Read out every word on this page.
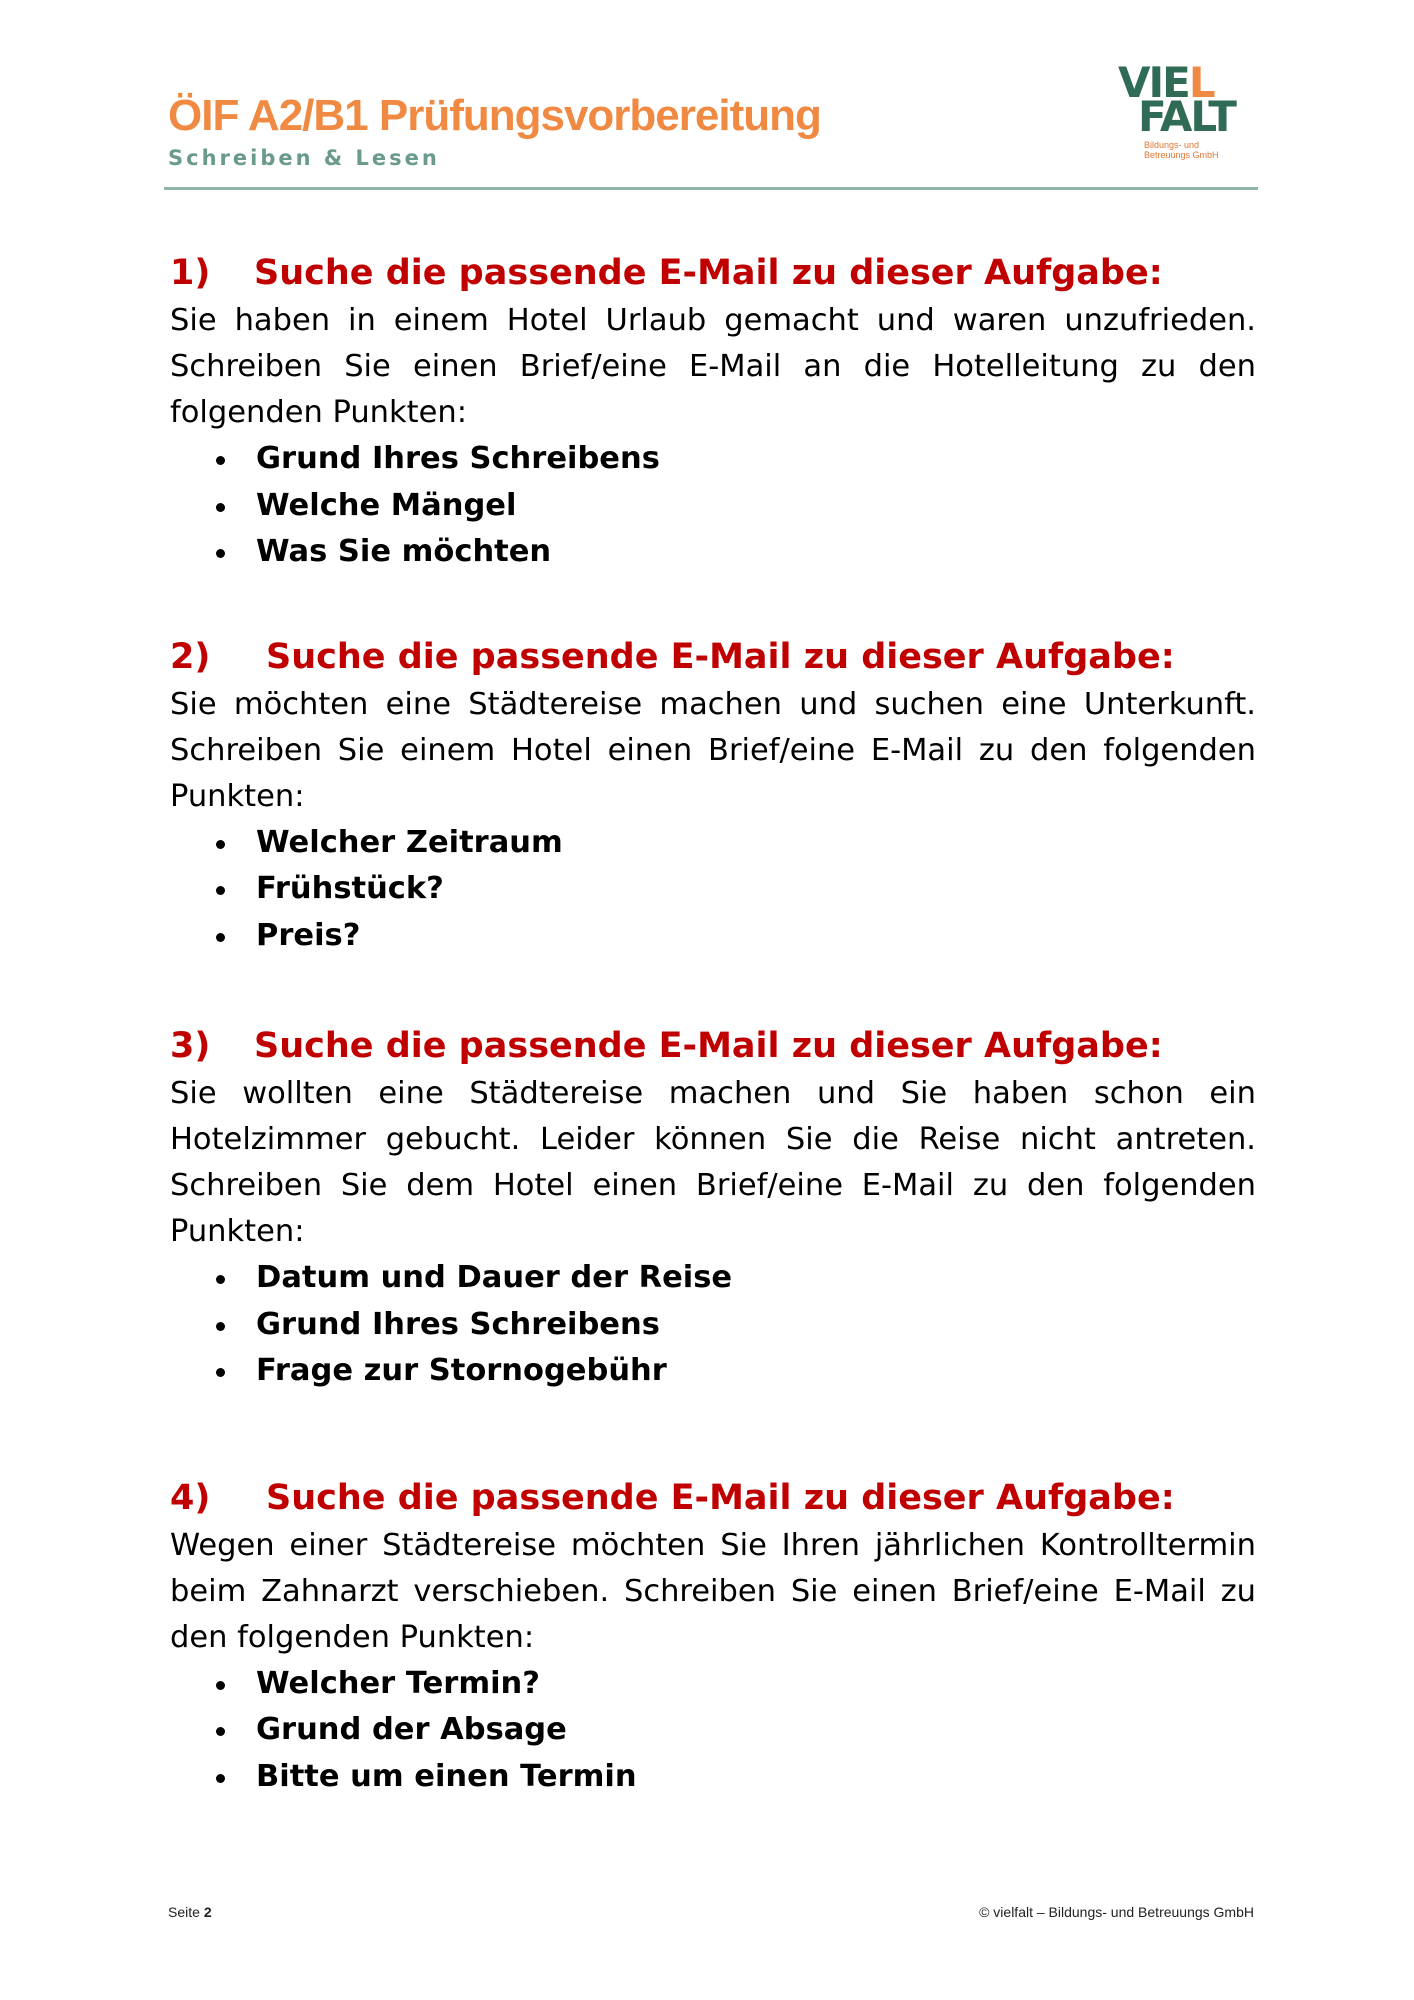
ÖIF A2/B1 Prüfungsvorbereitung
Schreiben & Lesen
VIEL
FALT
Bildungs- und
Betreuungs GmbH
1) Suche die passende E-Mail zu dieser Aufgabe:

Sie haben in einem Hotel Urlaub gemacht und waren unzufrieden. Schreiben Sie einen Brief/eine E-Mail an die Hotelleitung zu den folgenden Punkten:

Grund Ihres Schreibens
Welche Mängel
Was Sie möchten
2) Suche die passende E-Mail zu dieser Aufgabe:

Sie möchten eine Städtereise machen und suchen eine Unterkunft. Schreiben Sie einem Hotel einen Brief/eine E-Mail zu den folgenden Punkten:

Welcher Zeitraum
Frühstück?
Preis?
3) Suche die passende E-Mail zu dieser Aufgabe:

Sie wollten eine Städtereise machen und Sie haben schon ein Hotelzimmer gebucht. Leider können Sie die Reise nicht antreten. Schreiben Sie dem Hotel einen Brief/eine E-Mail zu den folgenden Punkten:

Datum und Dauer der Reise
Grund Ihres Schreibens
Frage zur Stornogebühr
4) Suche die passende E-Mail zu dieser Aufgabe:

Wegen einer Städtereise möchten Sie Ihren jährlichen Kontrolltermin beim Zahnarzt verschieben. Schreiben Sie einen Brief/eine E-Mail zu den folgenden Punkten:

Welcher Termin?
Grund der Absage
Bitte um einen Termin
Seite 2	© vielfalt – Bildungs- und Betreuungs GmbH
